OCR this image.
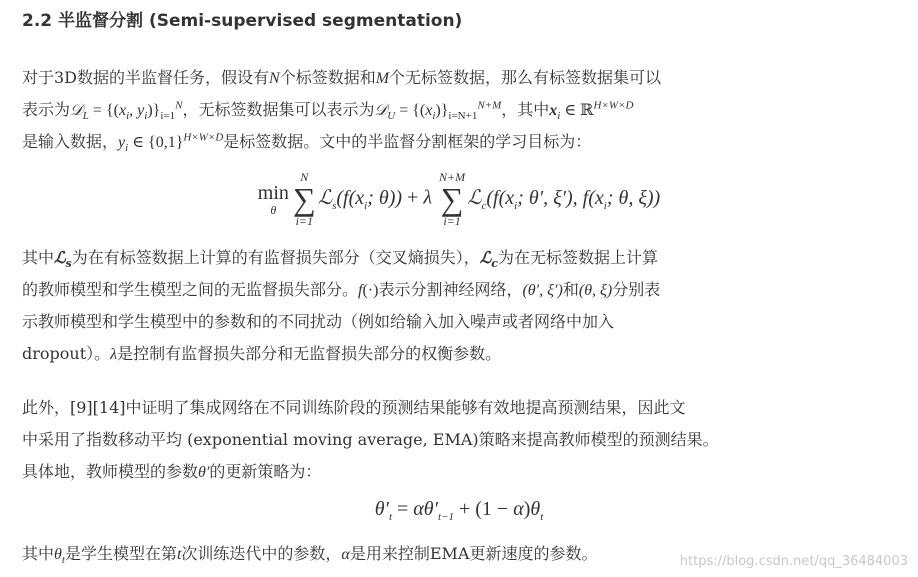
2.2 半监督分割 (Semi-supervised segmentation)
对于3D数据的半监督任务，假设有N个标签数据和M个无标签数据，那么有标签数据集可以
表示为𝒟$_L$ = {($x_i$, $y_i)\}_{i=1}^N$，无标签数据集可以表示为𝒟$_U$ = $\{(x_i)\}_{i=N+1}^{N+M}$，其中$x_i$ ∈ ℝ$^{H\times W\times D}$
是输入数据，$y_i$ ∈ $\{0,1\}^{H\times W\times D}$是标签数据。文中的半监督分割框架的学习目标为：
min
θ
N
∑
i=1
$ℒ_s(f(x_i$; θ)) + λ
N+M
∑
i=1
$ℒ_c(f(x_i$; θ′, ξ′), $f(x_i$; θ, ξ))
其中ℒ$_s$为在有标签数据上计算的有监督损失部分（交叉熵损失），ℒ$_c$为在无标签数据上计算
的教师模型和学生模型之间的无监督损失部分。f(·)表示分割神经网络，(θ′, ξ′)和(θ, ξ)分别表
示教师模型和学生模型中的参数和的不同扰动（例如给输入加入噪声或者网络中加入
dropout）。λ是控制有监督损失部分和无监督损失部分的权衡参数。
此外，[9][14]中证明了集成网络在不同训练阶段的预测结果能够有效地提高预测结果，因此文
中采用了指数移动平均 (exponential moving average, EMA)策略来提高教师模型的预测结果。
具体地，教师模型的参数θ′的更新策略为：
$\theta'_t = \alpha\theta'_{t-1} + (1 - \alpha)\theta_t$
其中$\theta_t$是学生模型在第t次训练迭代中的参数，α是用来控制EMA更新速度的参数。	https://blog.csdn.net/qq_36484003
